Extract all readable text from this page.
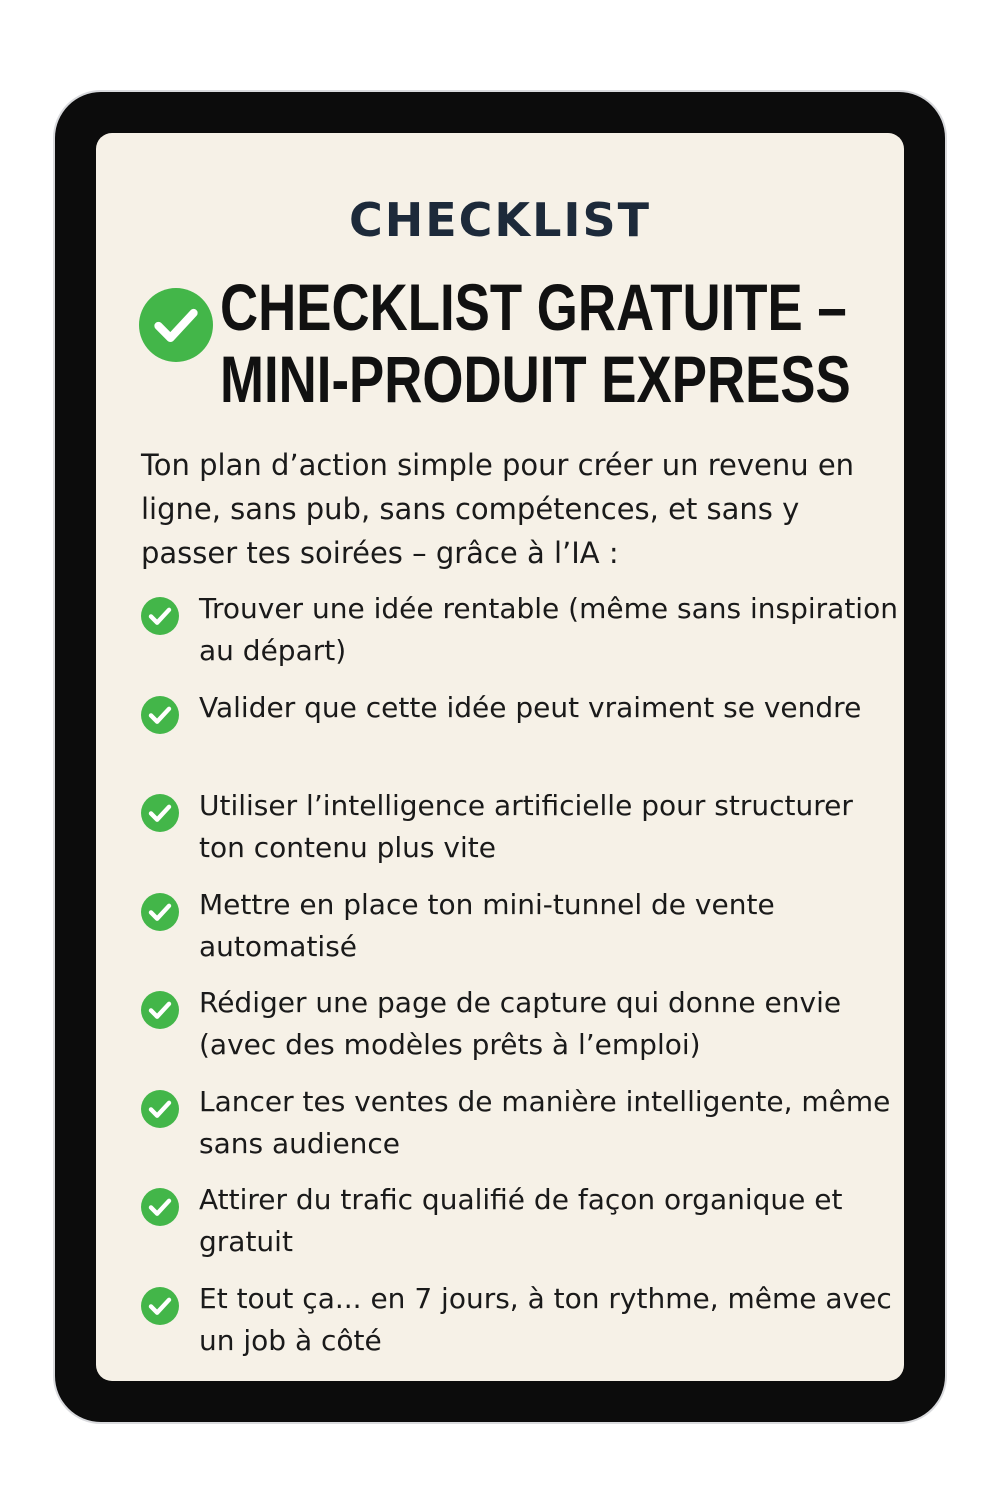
CHECKLIST
CHECKLIST GRATUITE –
MINI-PRODUIT EXPRESS

Ton plan d’action simple pour créer un revenu en ligne, sans pub, sans compétences, et sans y passer tes soirées – grâce à l’IA :

Trouver une idée rentable (même sans inspiration au départ)
Valider que cette idée peut vraiment se vendre
Utiliser l’intelligence artificielle pour structurer ton contenu plus vite
Mettre en place ton mini-tunnel de vente automatisé
Rédiger une page de capture qui donne envie (avec des modèles prêts à l’emploi)
Lancer tes ventes de manière intelligente, même sans audience
Attirer du trafic qualifié de façon organique et gratuit
Et tout ça... en 7 jours, à ton rythme, même avec un job à côté
